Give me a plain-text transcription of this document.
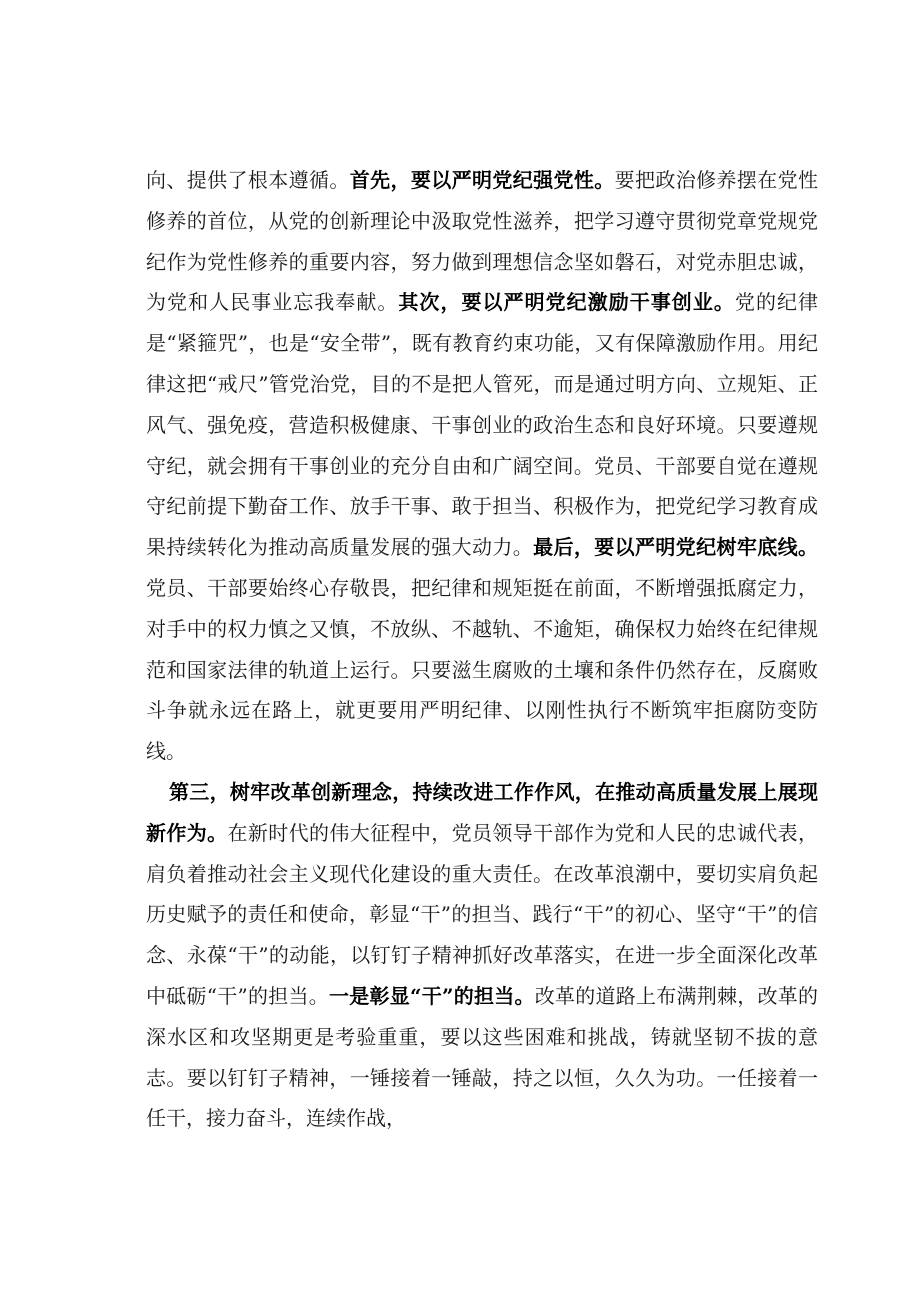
向、提供了根本遵循。首先，要以严明党纪强党性。要把政治修养摆在党性修养的首位，从党的创新理论中汲取党性滋养，把学习遵守贯彻党章党规党纪作为党性修养的重要内容，努力做到理想信念坚如磐石，对党赤胆忠诚，为党和人民事业忘我奉献。其次，要以严明党纪激励干事创业。党的纪律是“紧箍咒”，也是“安全带”，既有教育约束功能，又有保障激励作用。用纪律这把“戒尺”管党治党，目的不是把人管死，而是通过明方向、立规矩、正风气、强免疫，营造积极健康、干事创业的政治生态和良好环境。只要遵规守纪，就会拥有干事创业的充分自由和广阔空间。党员、干部要自觉在遵规守纪前提下勤奋工作、放手干事、敢于担当、积极作为，把党纪学习教育成果持续转化为推动高质量发展的强大动力。最后，要以严明党纪树牢底线。党员、干部要始终心存敬畏，把纪律和规矩挺在前面，不断增强抵腐定力，对手中的权力慎之又慎，不放纵、不越轨、不逾矩，确保权力始终在纪律规范和国家法律的轨道上运行。只要滋生腐败的土壤和条件仍然存在，反腐败斗争就永远在路上，就更要用严明纪律、以刚性执行不断筑牢拒腐防变防线。

第三，树牢改革创新理念，持续改进工作作风，在推动高质量发展上展现新作为。在新时代的伟大征程中，党员领导干部作为党和人民的忠诚代表，肩负着推动社会主义现代化建设的重大责任。在改革浪潮中，要切实肩负起历史赋予的责任和使命，彰显“干”的担当、践行“干”的初心、坚守“干”的信念、永葆“干”的动能，以钉钉子精神抓好改革落实，在进一步全面深化改革中砥砺“干”的担当。一是彰显“干”的担当。改革的道路上布满荆棘，改革的深水区和攻坚期更是考验重重，要以这些困难和挑战，铸就坚韧不拔的意志。要以钉钉子精神，一锤接着一锤敲，持之以恒，久久为功。一任接着一任干，接力奋斗，连续作战，
